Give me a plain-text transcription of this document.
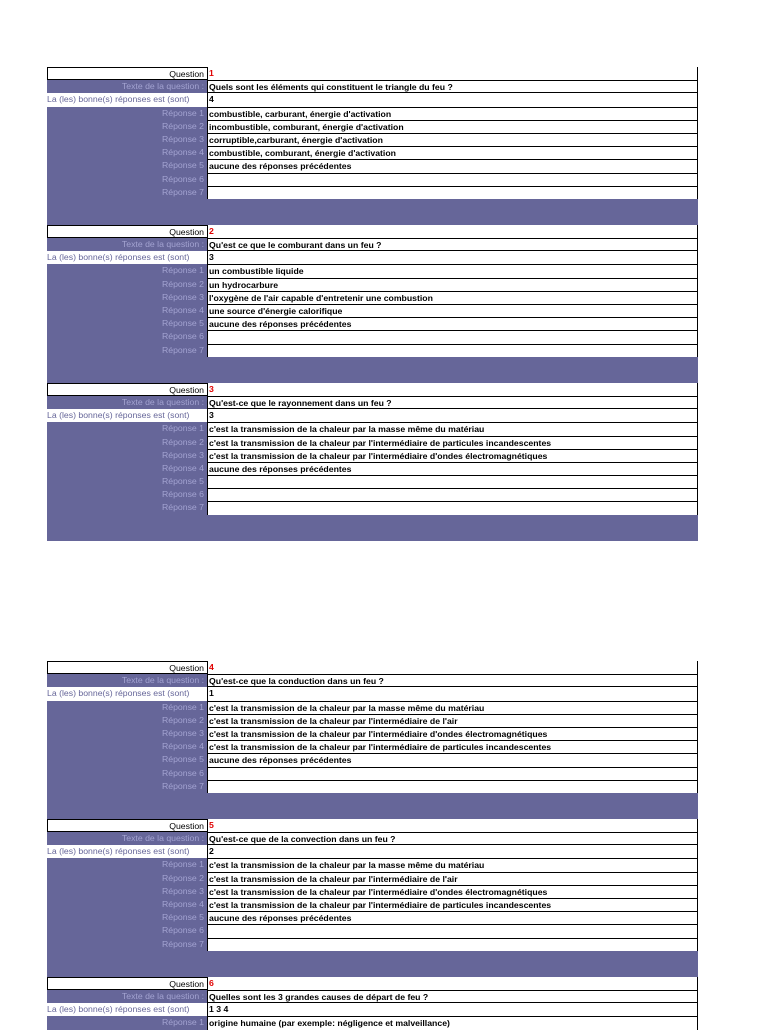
Question 1
Texte de la question : Quels sont les éléments qui constituent le triangle du feu ?
La (les) bonne(s) réponses est (sont)	4
Réponse 1 combustible, carburant, énergie d'activation
Réponse 2 incombustible, comburant, énergie d'activation
Réponse 3 corruptible,carburant, énergie d'activation
Réponse 4 combustible, comburant, énergie d'activation
Réponse 5 aucune des réponses précédentes
Réponse 6
Réponse 7
Question 2
Texte de la question : Qu'est ce que le comburant dans un feu ?
La (les) bonne(s) réponses est (sont)	3
Réponse 1 un combustible liquide
Réponse 2 un hydrocarbure
Réponse 3 l'oxygène de l'air capable d'entretenir une combustion
Réponse 4 une source d'énergie calorifique
Réponse 5 aucune des réponses précédentes
Réponse 6
Réponse 7
Question 3
Texte de la question : Qu'est-ce que le rayonnement dans un feu ?
La (les) bonne(s) réponses est (sont)	3
Réponse 1 c'est la transmission de la chaleur par la masse même du matériau
Réponse 2 c'est la transmission de la chaleur par l'intermédiaire de particules incandescentes
Réponse 3 c'est la transmission de la chaleur par l'intermédiaire d'ondes électromagnétiques
Réponse 4 aucune des réponses précédentes
Réponse 5
Réponse 6
Réponse 7
Question 4
Texte de la question : Qu'est-ce que la conduction dans un feu ?
La (les) bonne(s) réponses est (sont)	1
Réponse 1 c'est la transmission de la chaleur par la masse même du matériau
Réponse 2 c'est la transmission de la chaleur par l'intermédiaire de l'air
Réponse 3 c'est la transmission de la chaleur par l'intermédiaire d'ondes électromagnétiques
Réponse 4 c'est la transmission de la chaleur par l'intermédiaire de particules incandescentes
Réponse 5 aucune des réponses précédentes
Réponse 6
Réponse 7
Question 5
Texte de la question : Qu'est-ce que de la convection dans un feu ?
La (les) bonne(s) réponses est (sont)	2
Réponse 1 c'est la transmission de la chaleur par la masse même du matériau
Réponse 2 c'est la transmission de la chaleur par l'intermédiaire de l'air
Réponse 3 c'est la transmission de la chaleur par l'intermédiaire d'ondes électromagnétiques
Réponse 4 c'est la transmission de la chaleur par l'intermédiaire de particules incandescentes
Réponse 5 aucune des réponses précédentes
Réponse 6
Réponse 7
Question 6
Texte de la question : Quelles sont les 3 grandes causes de départ de feu ?
La (les) bonne(s) réponses est (sont)	1 3 4
Réponse 1 origine humaine (par exemple: négligence et malveillance)
